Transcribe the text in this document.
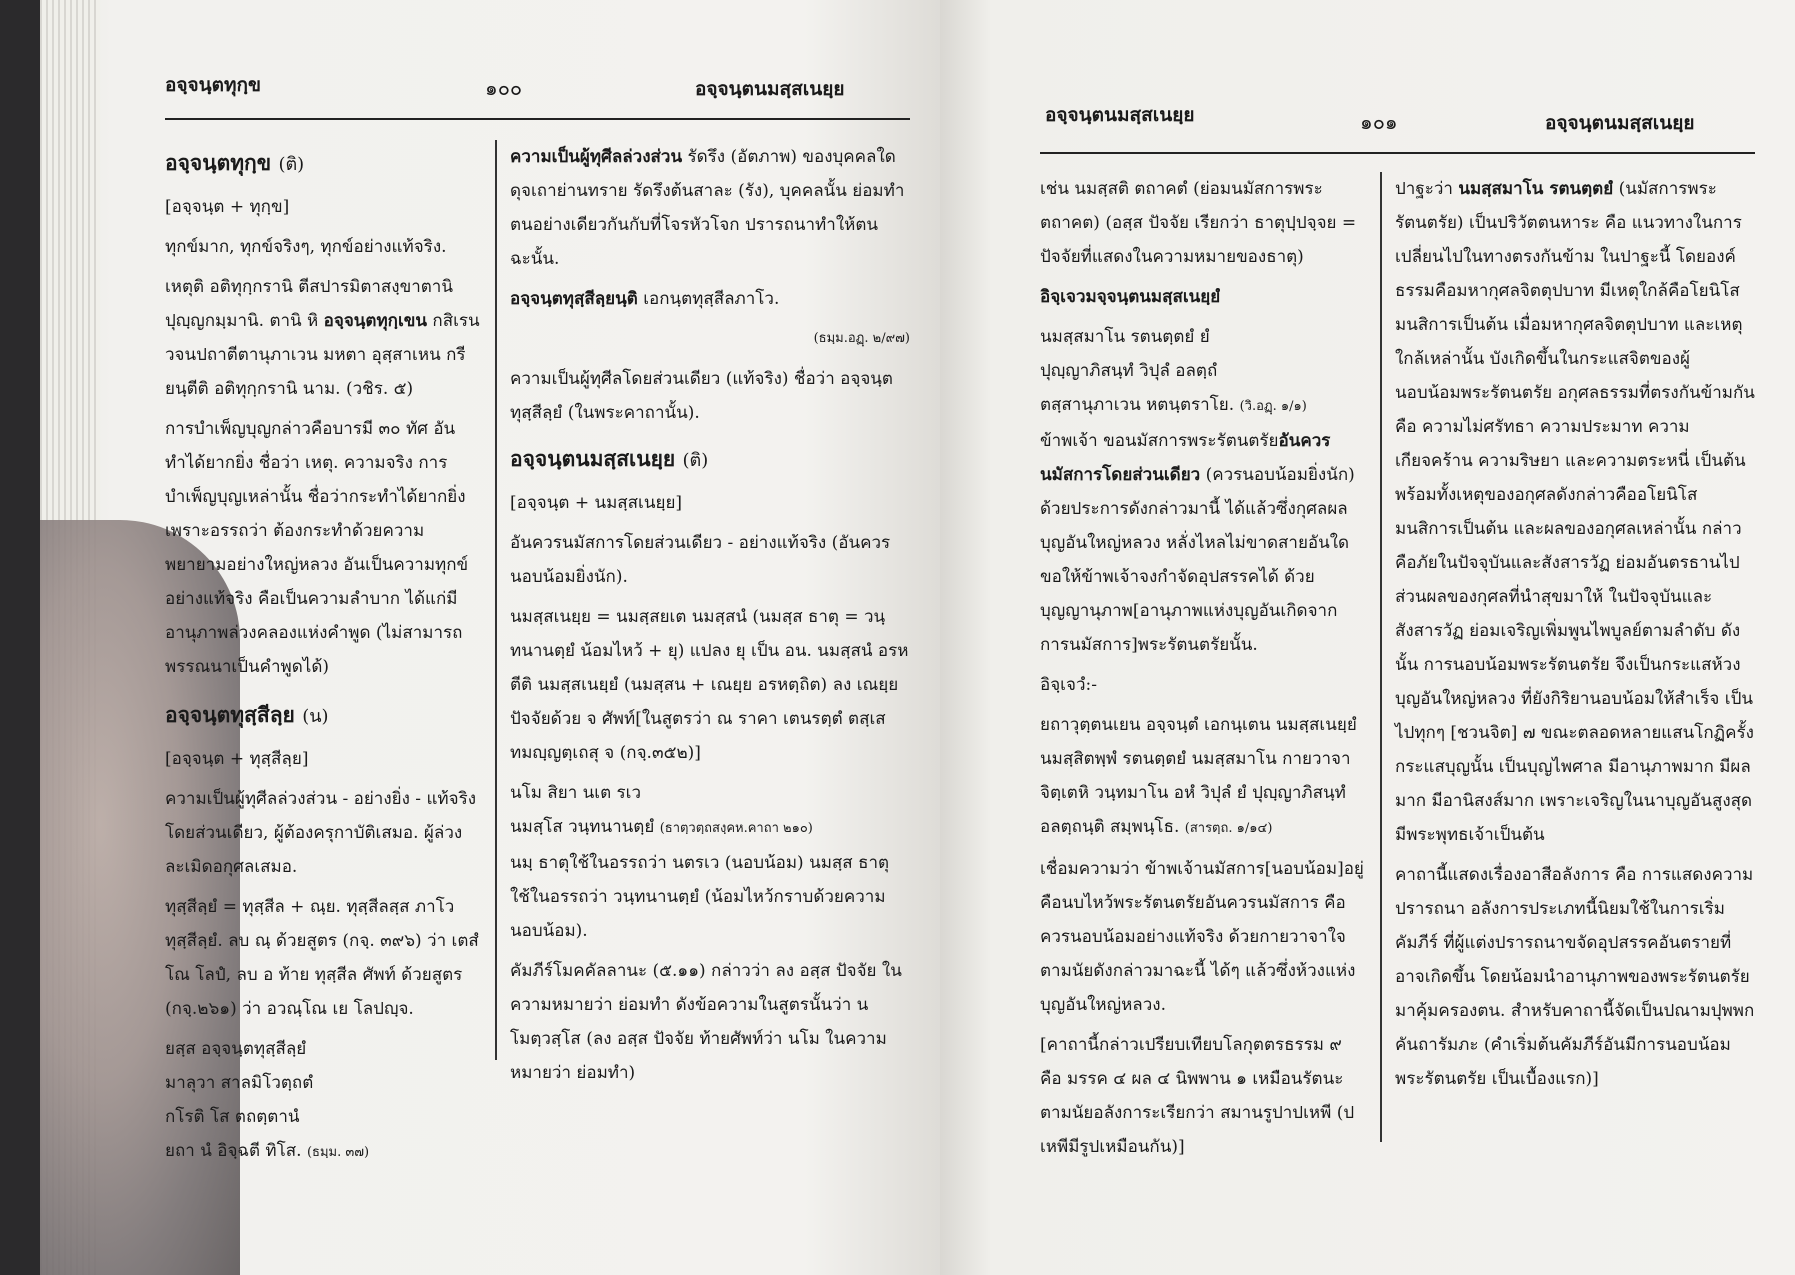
อจฺจนฺตทุกฺข	๑๐๐	อจฺจนฺตนมสฺสเนยฺย
อจฺจนฺตทุกฺข (ติ)

[อจฺจนฺต + ทุกฺข]

ทุกข์มาก, ทุกข์จริงๆ, ทุกข์อย่างแท้จริง.

เหตุติ อติทุกฺกรานิ ตีสปารมิตาสงฺขาตานิ ปุญฺญกมฺมานิ. ตานิ หิ อจฺจนฺตทุกฺเขน กสิเรน วจนปถาตีตานุภาเวน มหตา อุสฺสาเหน กรียนฺตีติ อติทุกฺกรานิ นาม. (วชิร. ๕)

การบำเพ็ญบุญกล่าวคือบารมี ๓๐ ทัศ อันทำได้ยากยิ่ง ชื่อว่า เหตุ. ความจริง การบำเพ็ญบุญเหล่านั้น ชื่อว่ากระทำได้ยากยิ่ง เพราะอรรถว่า ต้องกระทำด้วยความพยายามอย่างใหญ่หลวง อันเป็นความทุกข์อย่างแท้จริง คือเป็นความลำบาก ได้แก่มีอานุภาพล่วงคลองแห่งคำพูด (ไม่สามารถพรรณนาเป็นคำพูดได้)

อจฺจนฺตทุสฺสีลฺย (น)

[อจฺจนฺต + ทุสฺสีลฺย]

ความเป็นผู้ทุศีลล่วงส่วน - อย่างยิ่ง - แท้จริงโดยส่วนเดียว, ผู้ต้องครุกาบัติเสมอ. ผู้ล่วงละเมิดอกุศลเสมอ.

ทุสฺสีลฺยํ = ทุสฺสีล + ณฺย. ทุสฺสีลสฺส ภาโว ทุสฺสีลฺยํ. ลบ ณฺ ด้วยสูตร (กจฺ. ๓๙๖) ว่า เตสํ โณ โลปํ, ลบ อ ท้าย ทุสฺสีล ศัพท์ ด้วยสูตร (กจฺ.๒๖๑) ว่า อวณฺโณ เย โลปญฺจ.

ยสฺส อจฺจนฺตทุสฺสีลฺยํ
มาลุวา สาลมิโวตฺถตํ
กโรติ โส ตถตฺตานํ
ยถา นํ อิจฺฉตี ทิโส. (ธมฺม. ๓๗)

ความเป็นผู้ทุศีลล่วงส่วน รัดรึง (อัตภาพ) ของบุคคลใด ดุจเถาย่านทราย รัดรึงต้นสาละ (รัง), บุคคลนั้น ย่อมทำตนอย่างเดียวกันกับที่โจรหัวโจก ปรารถนาทำให้ตนฉะนั้น.

อจฺจนฺตทุสฺสีลฺยนฺติ เอกนฺตทุสฺสีลภาโว.

(ธมฺม.อฏฺ. ๒/๙๗)

ความเป็นผู้ทุศีลโดยส่วนเดียว (แท้จริง) ชื่อว่า อจฺจนฺตทุสฺสีลฺยํ (ในพระคาถานั้น).

อจฺจนฺตนมสฺสเนยฺย (ติ)

[อจฺจนฺต + นมสฺสเนยฺย]

อันควรนมัสการโดยส่วนเดียว - อย่างแท้จริง (อันควรนอบน้อมยิ่งนัก).

นมสฺสเนยฺย = นมสฺสยเต นมสฺสนํ (นมสฺส ธาตุ = วนฺทนานตฺยํ น้อมไหว้ + ยุ) แปลง ยุ เป็น อน. นมสฺสนํ อรหตีติ นมสฺสเนยฺยํ (นมสฺสน + เณยฺย อรหตฺถิต) ลง เณยฺย ปัจจัยด้วย จ ศัพท์[ในสูตรว่า ณ ราคา เตนรตฺตํ ตสฺเสทมญฺญตฺเถสุ จ (กจฺ.๓๕๒)]

นโม สิยา นเต รเว
นมสฺโส วนฺทนานตฺยํ (ธาตฺวตฺถสงฺคห.คาถา ๒๑๐)

นมฺ ธาตุใช้ในอรรถว่า นตรเว (นอบน้อม) นมสฺส ธาตุ ใช้ในอรรถว่า วนฺทนานตฺยํ (น้อมไหว้กราบด้วยความนอบน้อม).

คัมภีร์โมคคัลลานะ (๕.๑๑) กล่าวว่า ลง อสฺส ปัจจัย ในความหมายว่า ย่อมทำ ดังข้อความในสูตรนั้นว่า นโมตฺวสฺโส (ลง อสฺส ปัจจัย ท้ายศัพท์ว่า นโม ในความหมายว่า ย่อมทำ)

อจฺจนฺตนมสฺสเนยฺย	๑๐๑	อจฺจนฺตนมสฺสเนยฺย

เช่น นมสฺสติ ตถาคตํ (ย่อมนมัสการพระตถาคต) (อสฺส ปัจจัย เรียกว่า ธาตุปฺปจฺจย = ปัจจัยที่แสดงในความหมายของธาตุ)

อิจฺเจวมจฺจนฺตนมสฺสเนยฺยํ

นมสฺสมาโน รตนตฺตยํ ยํ
ปุญฺญาภิสนฺทํ วิปุลํ อลตฺถํ
ตสฺสานุภาเวน หตนฺตราโย. (วิ.อฏฺ. ๑/๑)

ข้าพเจ้า ขอนมัสการพระรัตนตรัยอันควรนมัสการโดยส่วนเดียว (ควรนอบน้อมยิ่งนัก) ด้วยประการดังกล่าวมานี้ ได้แล้วซึ่งกุศลผลบุญอันใหญ่หลวง หลั่งไหลไม่ขาดสายอันใด ขอให้ข้าพเจ้าจงกำจัดอุปสรรคได้ ด้วยบุญญานุภาพ[อานุภาพแห่งบุญอันเกิดจากการนมัสการ]พระรัตนตรัยนั้น.

อิจฺเจวํ:-

ยถาวุตฺตนเยน อจฺจนฺตํ เอกนฺเตน นมสฺสเนยฺยํ นมสฺสิตพฺพํ รตนตฺตยํ นมสฺสมาโน กายวาจาจิตฺเตหิ วนฺทมาโน อหํ วิปุลํ ยํ ปุญฺญาภิสนฺทํ อลตฺถนฺติ สมฺพนฺโธ. (สารตฺถ. ๑/๑๔)

เชื่อมความว่า ข้าพเจ้านมัสการ[นอบน้อม]อยู่ คือนบไหว้พระรัตนตรัยอันควรนมัสการ คือควรนอบน้อมอย่างแท้จริง ด้วยกายวาจาใจ ตามนัยดังกล่าวมาฉะนี้ ได้ๆ แล้วซึ่งห้วงแห่งบุญอันใหญ่หลวง.

[คาถานี้กล่าวเปรียบเทียบโลกุตตรธรรม ๙ คือ มรรค ๔ ผล ๔ นิพพาน ๑ เหมือนรัตนะ ตามนัยอลังการะเรียกว่า สมานรูปาปเหพี (ปเหพีมีรูปเหมือนกัน)]

ปาฐะว่า นมสฺสมาโน รตนตฺตยํ (นมัสการพระรัตนตรัย) เป็นปริวัตตนหาระ คือ แนวทางในการเปลี่ยนไปในทางตรงกันข้าม ในปาฐะนี้ โดยองค์ธรรมคือมหากุศลจิตตุปบาท มีเหตุใกล้คือโยนิโสมนสิการเป็นต้น เมื่อมหากุศลจิตตุปบาท และเหตุใกล้เหล่านั้น บังเกิดขึ้นในกระแสจิตของผู้นอบน้อมพระรัตนตรัย อกุศลธรรมที่ตรงกันข้ามกันคือ ความไม่ศรัทธา ความประมาท ความเกียจคร้าน ความริษยา และความตระหนี่ เป็นต้น พร้อมทั้งเหตุของอกุศลดังกล่าวคืออโยนิโสมนสิการเป็นต้น และผลของอกุศลเหล่านั้น กล่าวคือภัยในปัจจุบันและสังสารวัฏ ย่อมอันตรธานไป ส่วนผลของกุศลที่นำสุขมาให้ ในปัจจุบันและสังสารวัฏ ย่อมเจริญเพิ่มพูนไพบูลย์ตามลำดับ ดังนั้น การนอบน้อมพระรัตนตรัย จึงเป็นกระแสห้วงบุญอันใหญ่หลวง ที่ยังกิริยานอบน้อมให้สำเร็จ เป็นไปทุกๆ [ชวนจิต] ๗ ขณะตลอดหลายแสนโกฏิครั้ง กระแสบุญนั้น เป็นบุญไพศาล มีอานุภาพมาก มีผลมาก มีอานิสงส์มาก เพราะเจริญในนาบุญอันสูงสุดมีพระพุทธเจ้าเป็นต้น

คาถานี้แสดงเรื่องอาสีอลังการ คือ การแสดงความปรารถนา อลังการประเภทนี้นิยมใช้ในการเริ่มคัมภีร์ ที่ผู้แต่งปรารถนาขจัดอุปสรรคอันตรายที่อาจเกิดขึ้น โดยน้อมนำอานุภาพของพระรัตนตรัยมาคุ้มครองตน. สำหรับคาถานี้จัดเป็นปณามปุพพกคันถารัมภะ (คำเริ่มต้นคัมภีร์อันมีการนอบน้อมพระรัตนตรัย เป็นเบื้องแรก)]
